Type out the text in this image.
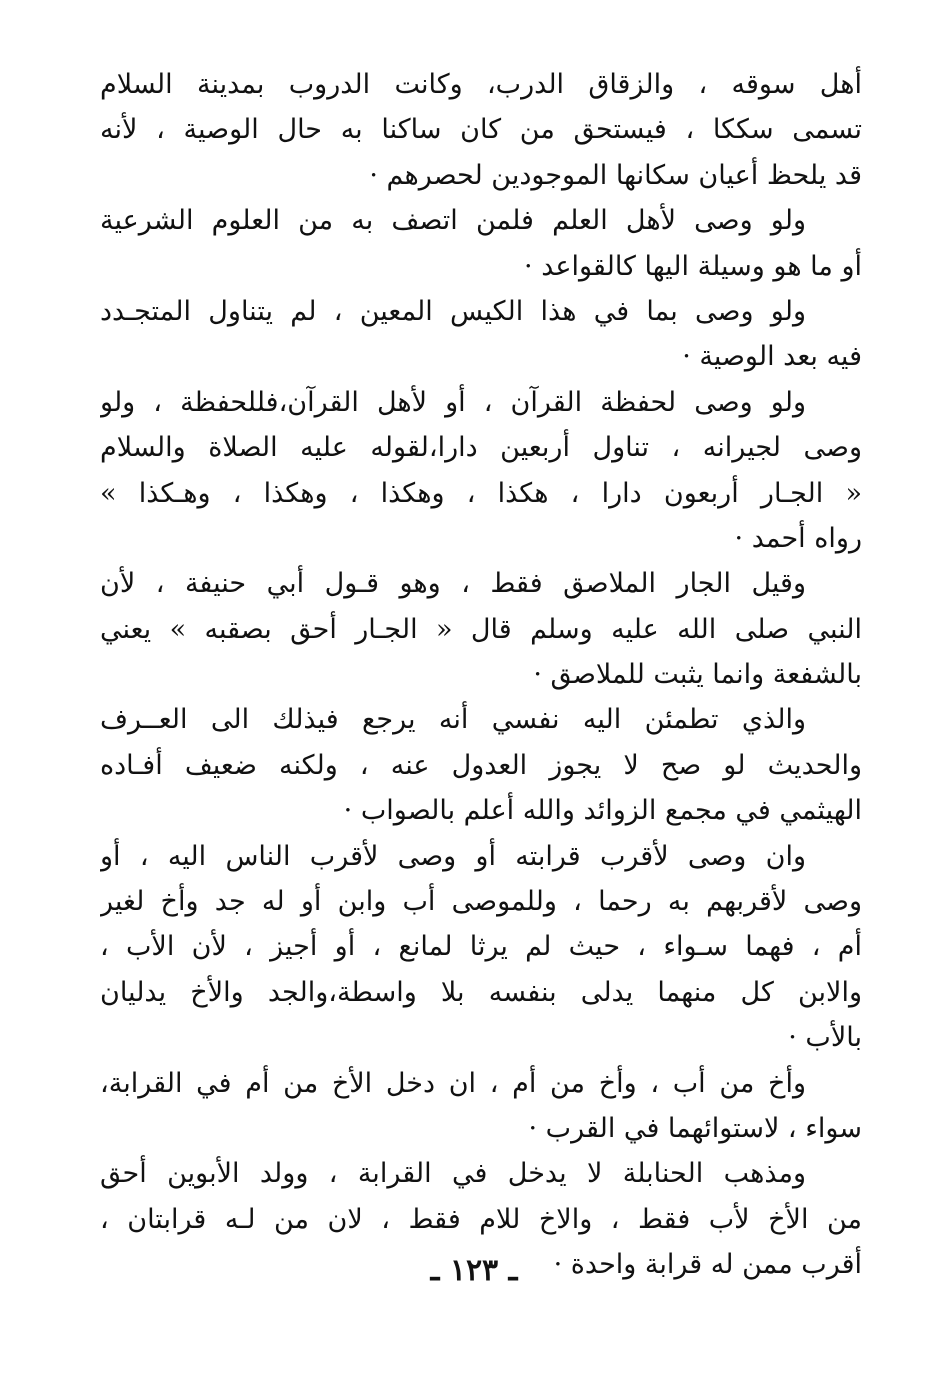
أهل سوقه ، والزقاق الدرب، وكانت الدروب بمدينة السلام
تسمى سككا ، فيستحق من كان ساكنا به حال الوصية ، لأنه
قد يلحظ أعيان سكانها الموجودين لحصرهم ·
ولو وصى لأهل العلم فلمن اتصف به من العلوم الشرعية
أو ما هو وسيلة اليها كالقواعد ·
ولو وصى بما في هذا الكيس المعين ، لم يتناول المتجـدد
فيه بعد الوصية ·
ولو وصى لحفظة القرآن ، أو لأهل القرآن،فللحفظة ، ولو
وصى لجيرانه ، تناول أربعين دارا،لقوله عليه الصلاة والسلام
« الجـار أربعون دارا ، هكذا ، وهكذا ، وهكذا ، وهـكذا »
رواه أحمد ·
وقيل الجار الملاصق فقط ، وهو قـول أبي حنيفة ، لأن
النبي صلى الله عليه وسلم قال « الجـار أحق بصقبه » يعني
بالشفعة وانما يثبت للملاصق ·
والذي تطمئن اليه نفسي أنه يرجع فيذلك الى العــرف
والحديث لو صح لا يجوز العدول عنه ، ولكنه ضعيف أفـاده
الهيثمي في مجمع الزوائد والله أعلم بالصواب ·
وان وصى لأقرب قرابته أو وصى لأقرب الناس اليه ، أو
وصى لأقربهم به رحما ، وللموصى أب وابن أو له جد وأخ لغير
أم ، فهما سـواء ، حيث لم يرثا لمانع ، أو أجيز ، لأن الأب ،
والابن كل منهما يدلى بنفسه بلا واسطة،والجد والأخ يدليان
بالأب ·
وأخ من أب ، وأخ من أم ، ان دخل الأخ من أم في القرابة،
سواء ، لاستوائهما في القرب ·
ومذهب الحنابلة لا يدخل في القرابة ، وولد الأبوين أحق
من الأخ لأب فقط ، والاخ للام فقط ، لان من لـه قرابتان ،
أقرب ممن له قرابة واحدة ·
ـ ١٢٣ ـ
